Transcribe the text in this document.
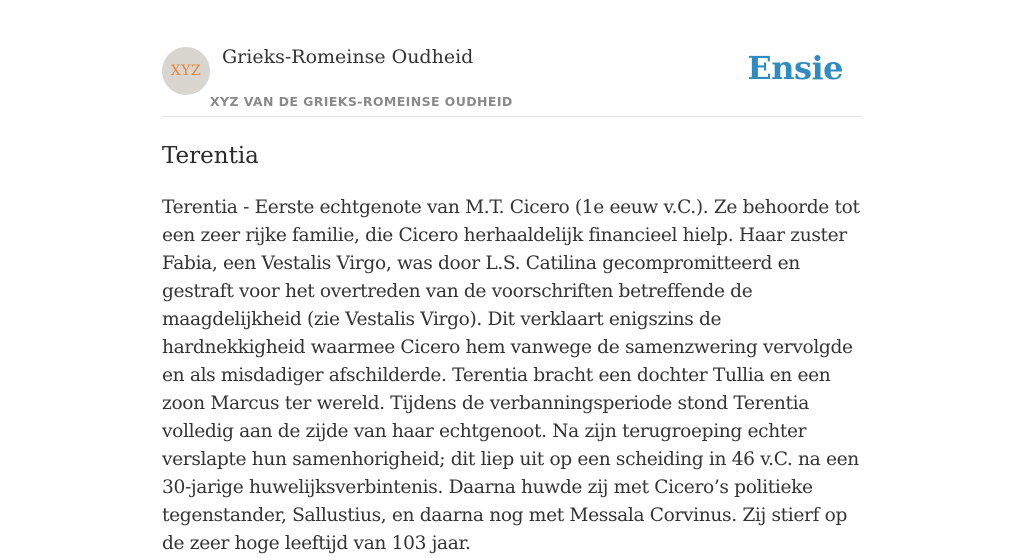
XYZ
Grieks-Romeinse Oudheid
XYZ VAN DE GRIEKS-ROMEINSE OUDHEID
Ensie
Terentia

Terentia - Eerste echtgenote van M.T. Cicero (1e eeuw v.C.). Ze behoorde tot een zeer rijke familie, die Cicero herhaaldelijk financieel hielp. Haar zuster Fabia, een Vestalis Virgo, was door L.S. Catilina gecompromitteerd en gestraft voor het overtreden van de voorschriften betreffende de maagdelijkheid (zie Vestalis Virgo). Dit verklaart enigszins de hardnekkigheid waarmee Cicero hem vanwege de samenzwering vervolgde en als misdadiger afschilderde. Terentia bracht een dochter Tullia en een zoon Marcus ter wereld. Tijdens de verbanningsperiode stond Terentia volledig aan de zijde van haar echtgenoot. Na zijn terugroeping echter verslapte hun samenhorigheid; dit liep uit op een scheiding in 46 v.C. na een 30-jarige huwelijksverbintenis. Daarna huwde zij met Cicero’s politieke tegenstander, Sallustius, en daarna nog met Messala Corvinus. Zij stierf op de zeer hoge leeftijd van 103 jaar.
